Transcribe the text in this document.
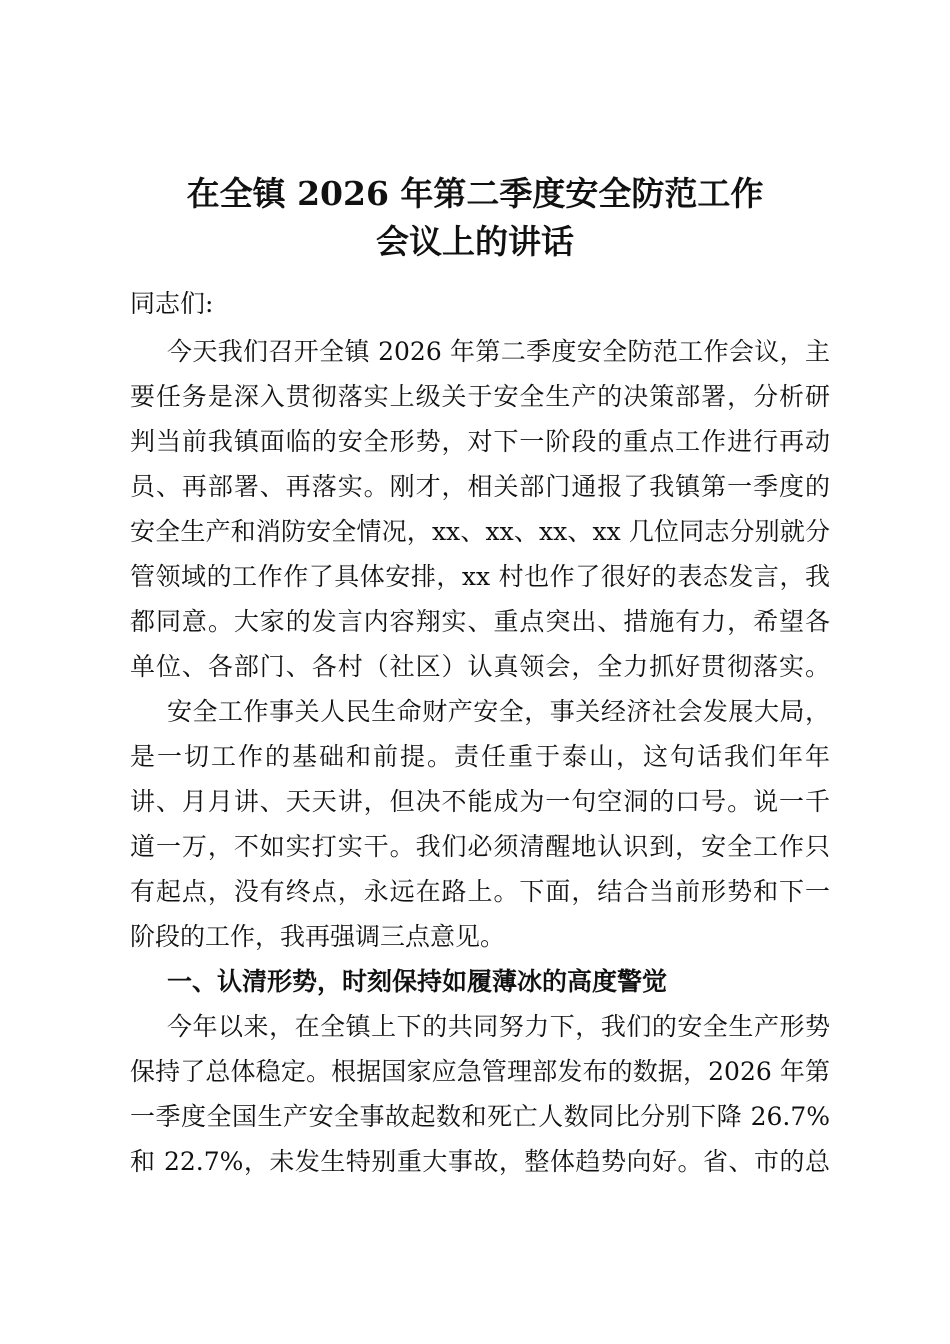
在全镇 2026 年第二季度安全防范工作
会议上的讲话
同志们:
今天我们召开全镇 2026 年第二季度安全防范工作会议，主
要任务是深入贯彻落实上级关于安全生产的决策部署，分析研
判当前我镇面临的安全形势，对下一阶段的重点工作进行再动
员、再部署、再落实。刚才，相关部门通报了我镇第一季度的
安全生产和消防安全情况，xx、xx、xx、xx 几位同志分别就分
管领域的工作作了具体安排，xx 村也作了很好的表态发言，我
都同意。大家的发言内容翔实、重点突出、措施有力，希望各
单位、各部门、各村（社区）认真领会，全力抓好贯彻落实。
安全工作事关人民生命财产安全，事关经济社会发展大局，
是一切工作的基础和前提。责任重于泰山，这句话我们年年
讲、月月讲、天天讲，但决不能成为一句空洞的口号。说一千
道一万，不如实打实干。我们必须清醒地认识到，安全工作只
有起点，没有终点，永远在路上。下面，结合当前形势和下一
阶段的工作，我再强调三点意见。
一、认清形势，时刻保持如履薄冰的高度警觉
今年以来，在全镇上下的共同努力下，我们的安全生产形势
保持了总体稳定。根据国家应急管理部发布的数据，2026 年第
一季度全国生产安全事故起数和死亡人数同比分别下降 26.7%
和 22.7%，未发生特别重大事故，整体趋势向好。省、市的总
